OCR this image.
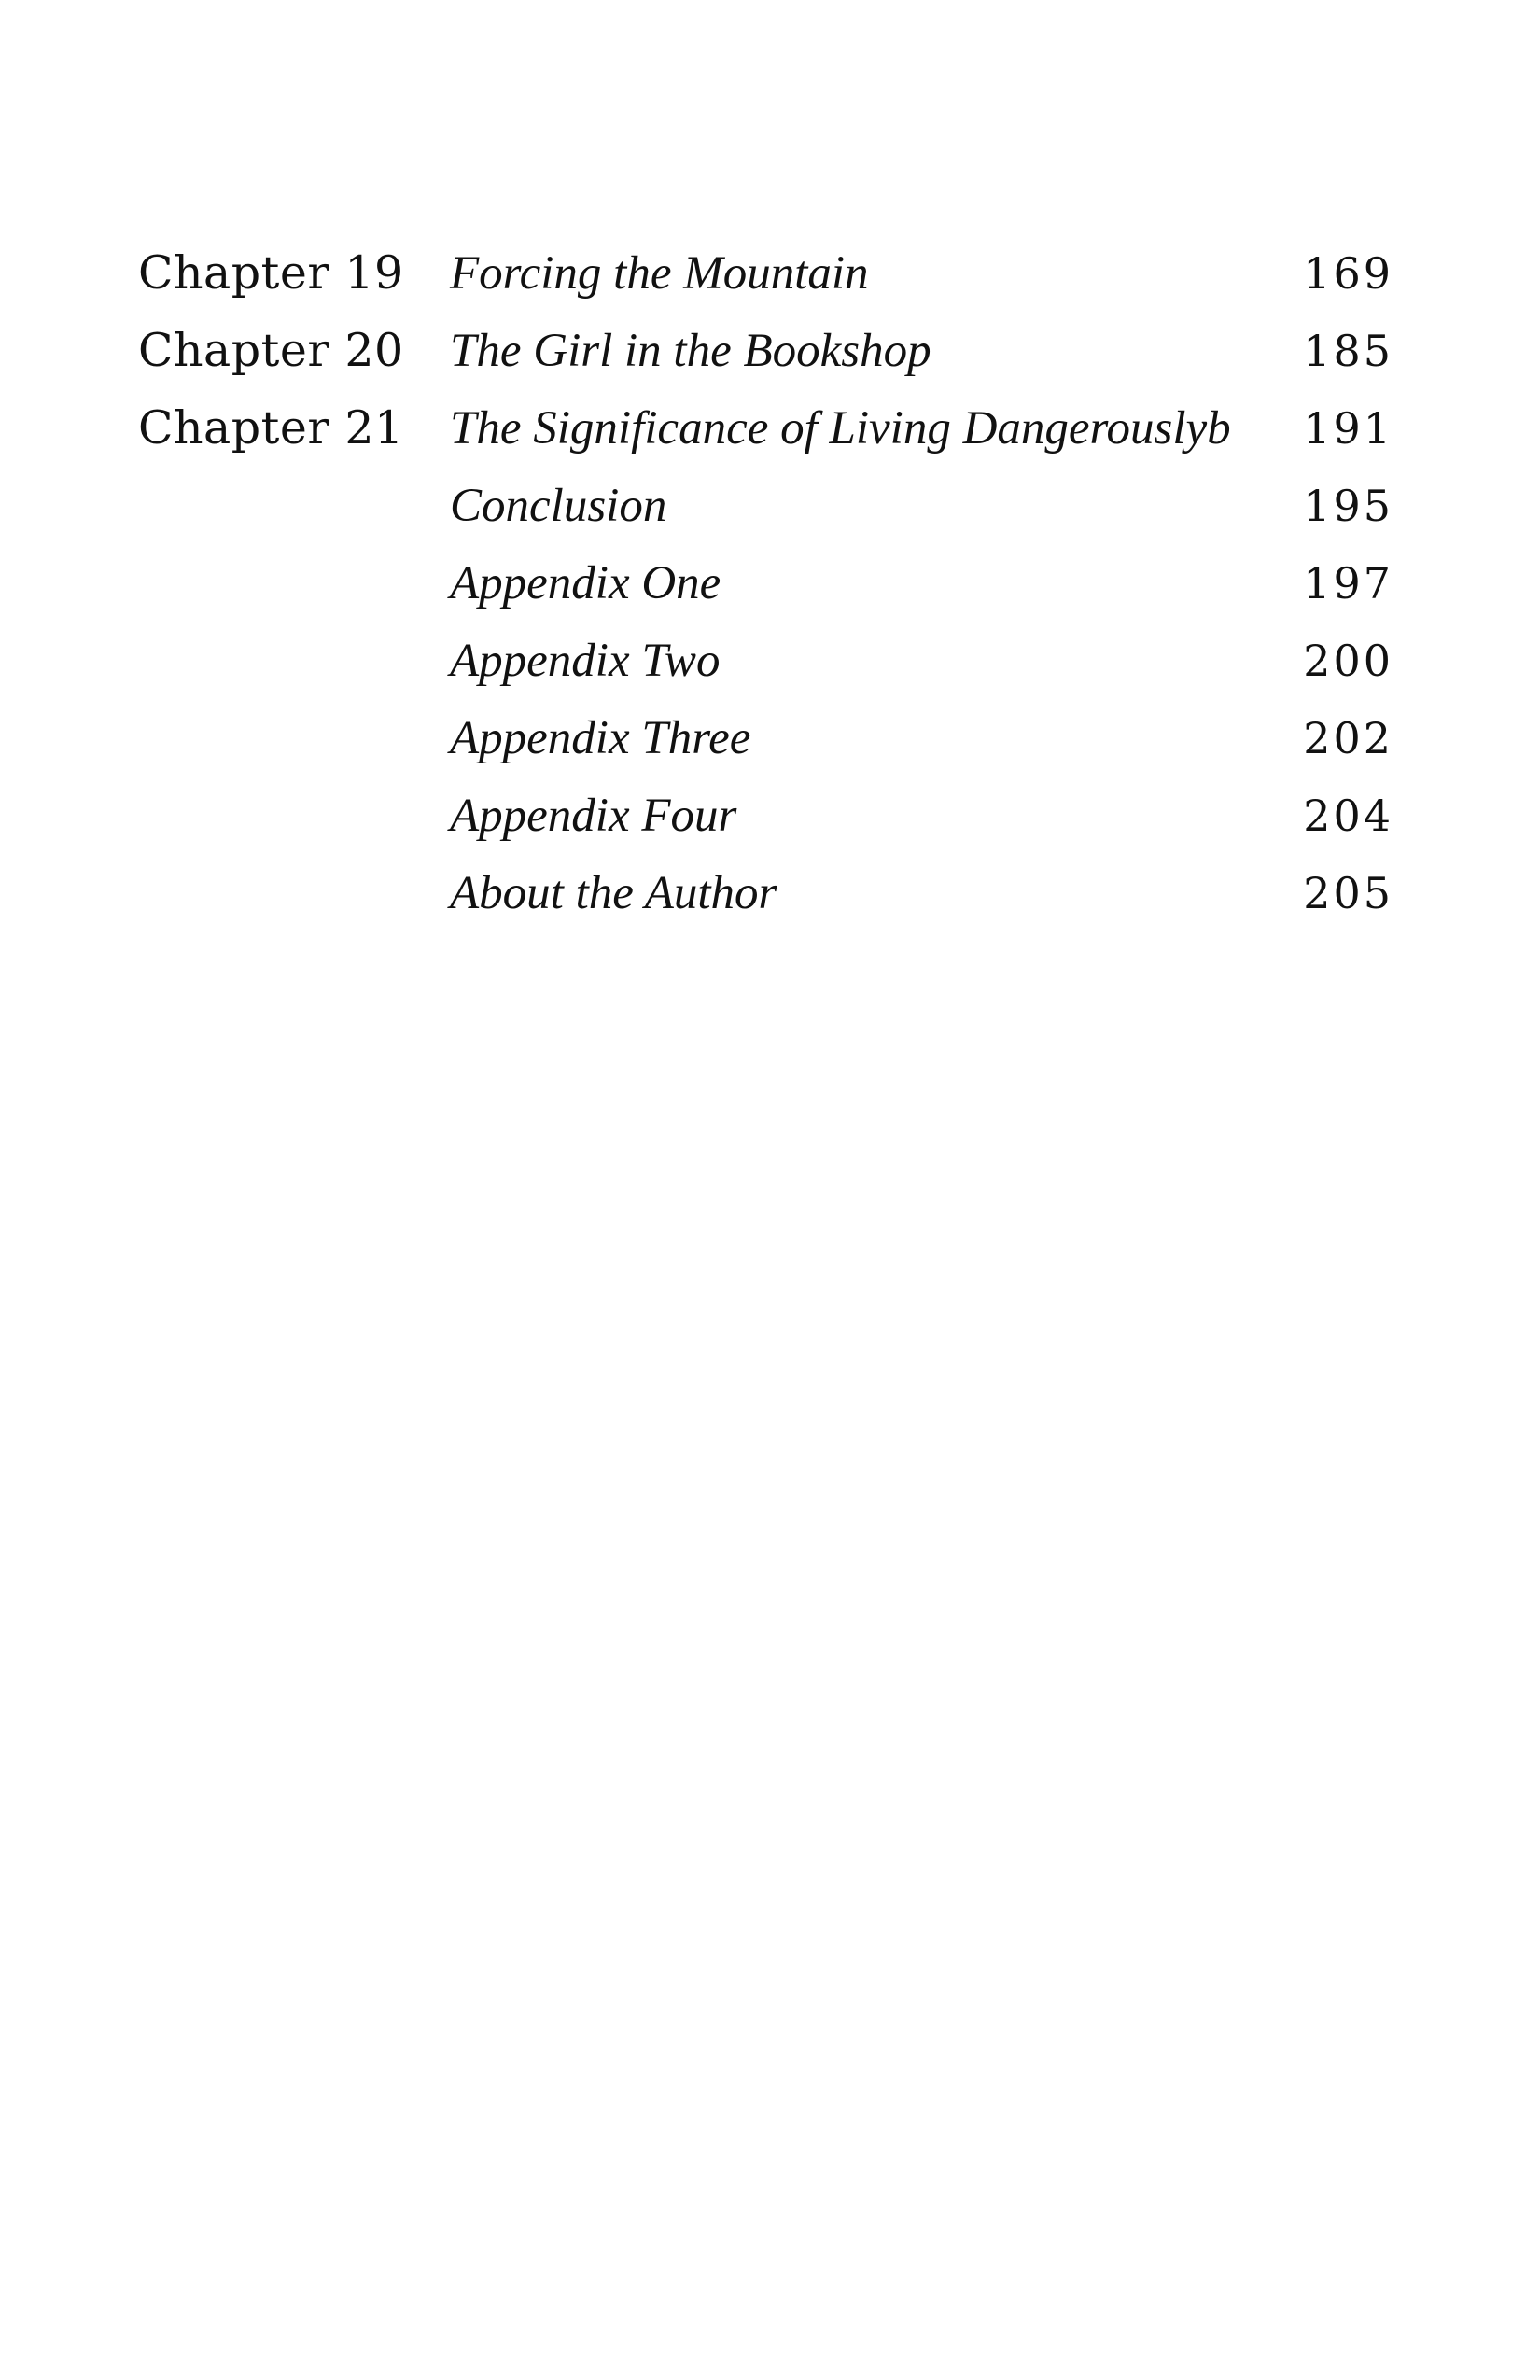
Chapter 19 Forcing the Mountain	169
Chapter 20 The Girl in the Bookshop	185
Chapter 21 The Significance of Living Dangerouslyb 191
Conclusion	195
Appendix One	197
Appendix Two	200
Appendix Three	202
Appendix Four	204
About the Author	205
